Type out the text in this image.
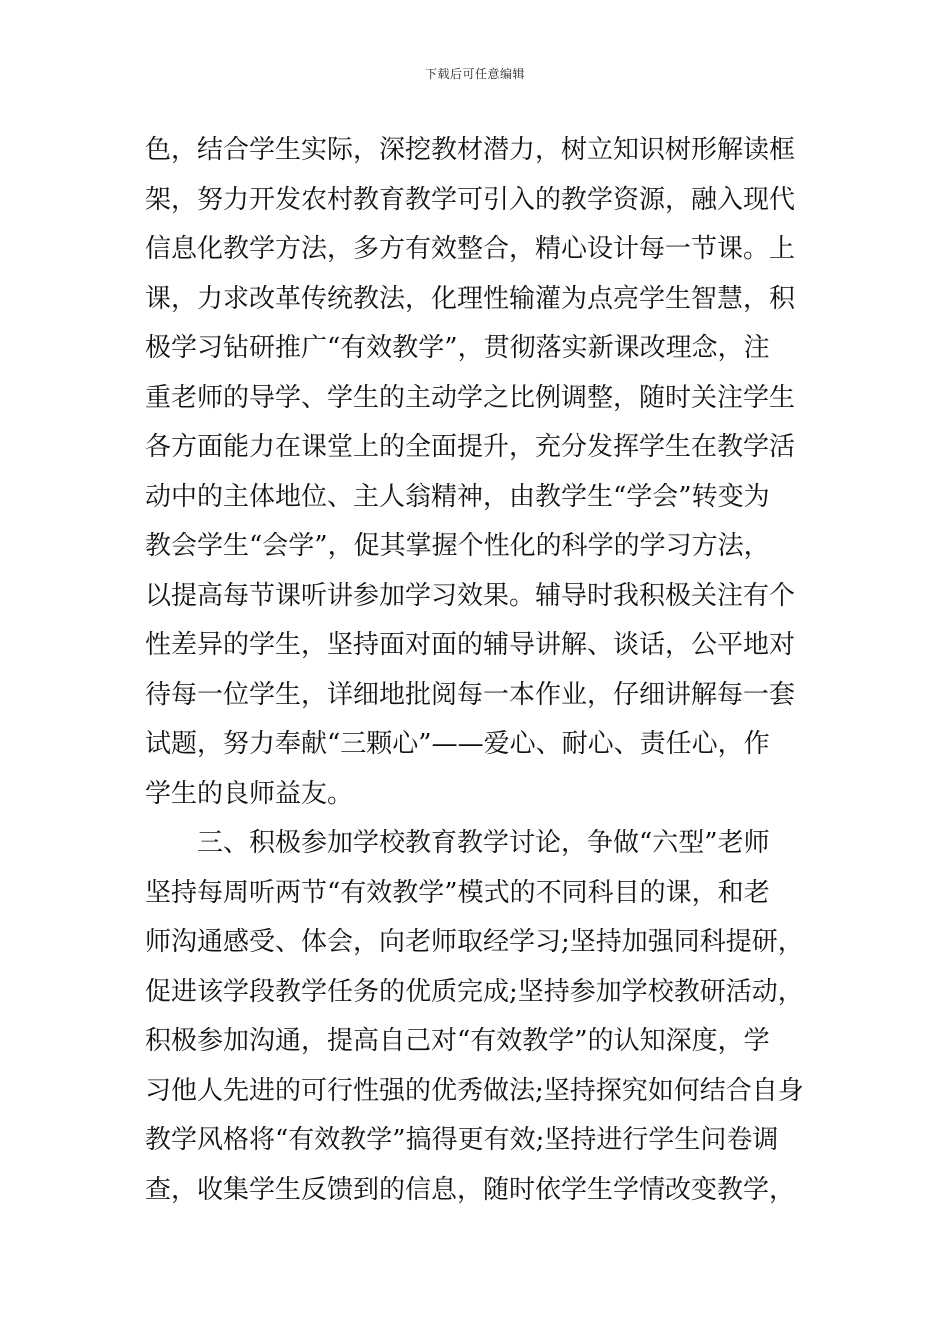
下载后可任意编辑
色，结合学生实际，深挖教材潜力，树立知识树形解读框
架，努力开发农村教育教学可引入的教学资源，融入现代
信息化教学方法，多方有效整合，精心设计每一节课。上
课，力求改革传统教法，化理性输灌为点亮学生智慧，积
极学习钻研推广“有效教学”，贯彻落实新课改理念，注
重老师的导学、学生的主动学之比例调整，随时关注学生
各方面能力在课堂上的全面提升，充分发挥学生在教学活
动中的主体地位、主人翁精神，由教学生“学会”转变为
教会学生“会学”，促其掌握个性化的科学的学习方法，
以提高每节课听讲参加学习效果。辅导时我积极关注有个
性差异的学生，坚持面对面的辅导讲解、谈话，公平地对
待每一位学生，详细地批阅每一本作业，仔细讲解每一套
试题，努力奉献“三颗心”——爱心、耐心、责任心，作
学生的良师益友。
三、积极参加学校教育教学讨论，争做“六型”老师
坚持每周听两节“有效教学”模式的不同科目的课，和老
师沟通感受、体会，向老师取经学习;坚持加强同科提研，
促进该学段教学任务的优质完成;坚持参加学校教研活动，
积极参加沟通，提高自己对“有效教学”的认知深度，学
习他人先进的可行性强的优秀做法;坚持探究如何结合自身
教学风格将“有效教学”搞得更有效;坚持进行学生问卷调
查，收集学生反馈到的信息，随时依学生学情改变教学，
